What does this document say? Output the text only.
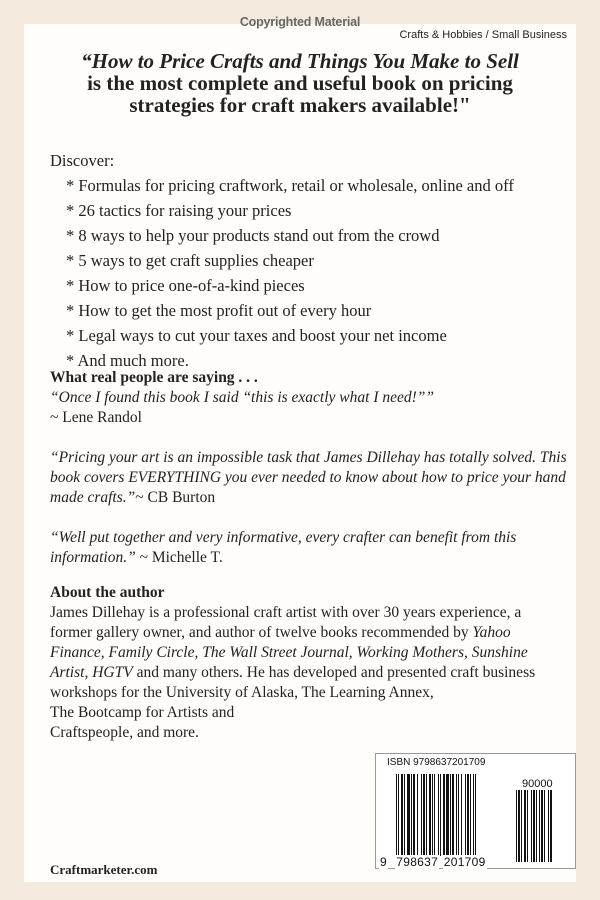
Copyrighted Material
Crafts & Hobbies / Small Business
“How to Price Crafts and Things You Make to Sell
is the most complete and useful book on pricing
strategies for craft makers available!"
Discover:
* Formulas for pricing craftwork, retail or wholesale, online and off
* 26 tactics for raising your prices
* 8 ways to help your products stand out from the crowd
* 5 ways to get craft supplies cheaper
* How to price one-of-a-kind pieces
* How to get the most profit out of every hour
* Legal ways to cut your taxes and boost your net income
* And much more.
What real people are saying . . .
“Once I found this book I said “this is exactly what I need!””
~ Lene Randol
“Pricing your art is an impossible task that James Dillehay has totally solved. This book covers EVERYTHING you ever needed to know about how to price your hand made crafts.”~ CB Burton
“Well put together and very informative, every crafter can benefit from this information.” ~ Michelle T.
About the author
James Dillehay is a professional craft artist with over 30 years experience, a former gallery owner, and author of twelve books recommended by Yahoo Finance, Family Circle, The Wall Street Journal, Working Mothers, Sunshine Artist, HGTV and many others. He has developed and presented craft business workshops for the University of Alaska, The Learning Annex,
The Bootcamp for Artists and
Craftspeople, and more.
Craftmarketer.com
ISBN 9798637201709
90000
9 798637 201709
